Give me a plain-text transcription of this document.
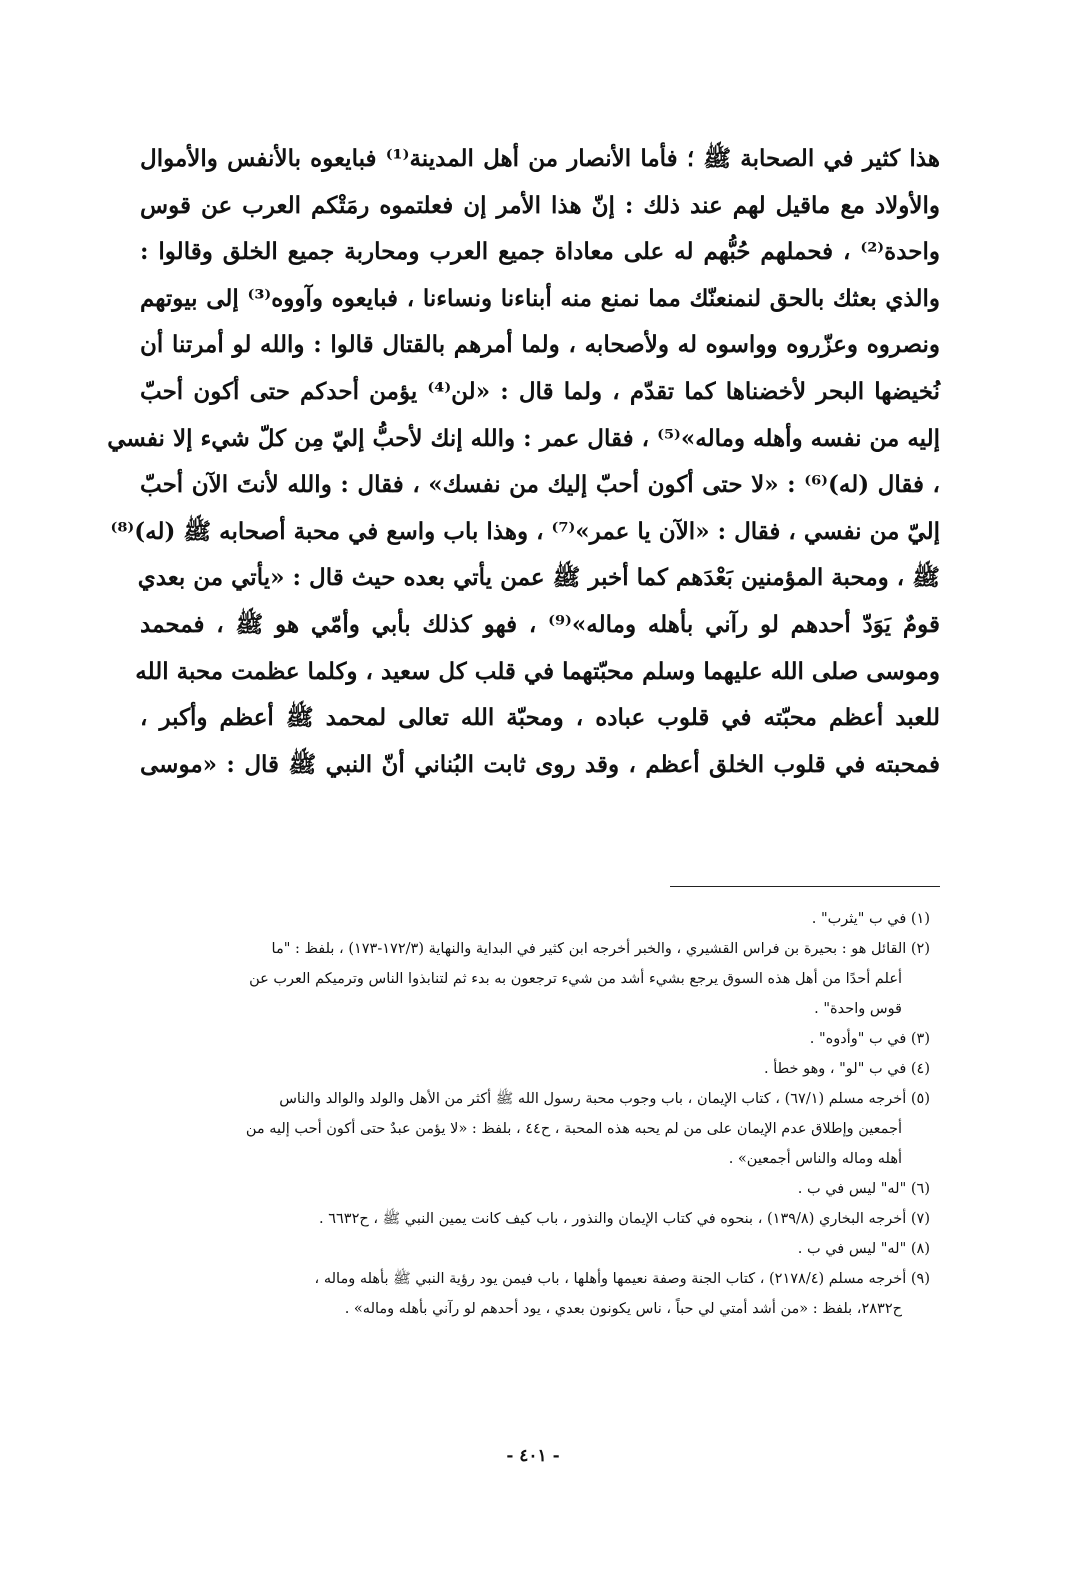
هذا كثير في الصحابة ﷺ ؛ فأما الأنصار من أهل المدينة⁽¹⁾ فبايعوه بالأنفس والأموال
والأولاد مع ماقيل لهم عند ذلك : إنّ هذا الأمر إن فعلتموه رمَتْكم العرب عن قوس
واحدة⁽²⁾ ، فحملهم حُبُّهم له على معاداة جميع العرب ومحاربة جميع الخلق وقالوا :
والذي بعثك بالحق لنمنعنّك مما نمنع منه أبناءنا ونساءنا ، فبايعوه وآووه⁽³⁾ إلى بيوتهم
ونصروه وعزّروه وواسوه له ولأصحابه ، ولما أمرهم بالقتال قالوا : والله لو أمرتنا أن
نُخيضها البحر لأخضناها كما تقدّم ، ولما قال : «لن⁽⁴⁾ يؤمن أحدكم حتى أكون أحبّ
إليه من نفسه وأهله وماله»⁽⁵⁾ ، فقال عمر : والله إنك لأحبُّ إليّ مِن كلّ شيء إلا نفسي
، فقال (له)⁽⁶⁾ : «لا حتى أكون أحبّ إليك من نفسك» ، فقال : والله لأنتَ الآن أحبّ
إليّ من نفسي ، فقال : «الآن يا عمر»⁽⁷⁾ ، وهذا باب واسع في محبة أصحابه ﷺ (له)⁽⁸⁾
ﷺ ، ومحبة المؤمنين بَعْدَهم كما أخبر ﷺ عمن يأتي بعده حيث قال : «يأتي من بعدي
قومٌ يَوَدّ أحدهم لو رآني بأهله وماله»⁽⁹⁾ ، فهو كذلك بأبي وأمّي هو ﷺ ، فمحمد
وموسى صلى الله عليهما وسلم محبّتهما في قلب كل سعيد ، وكلما عظمت محبة الله
للعبد أعظم محبّته في قلوب عباده ، ومحبّة الله تعالى لمحمد ﷺ أعظم وأكبر ،
فمحبته في قلوب الخلق أعظم ، وقد روى ثابت البُناني أنّ النبي ﷺ قال : «موسى
(١) في ب "يثرب" .
(٢) القائل هو : بحيرة بن فراس القشيري ، والخبر أخرجه ابن كثير في البداية والنهاية (١٧٢/٣-١٧٣) ، بلفظ : "ما
أعلم أحدًا من أهل هذه السوق يرجع بشيء أشد من شيء ترجعون به بدء ثم لتنابذوا الناس وترميكم العرب عن
قوس واحدة" .
(٣) في ب "وأدوه" .
(٤) في ب "لو" ، وهو خطأ .
(٥) أخرجه مسلم (٦٧/١) ، كتاب الإيمان ، باب وجوب محبة رسول الله ﷺ أكثر من الأهل والولد والوالد والناس
أجمعين وإطلاق عدم الإيمان على من لم يحبه هذه المحبة ، ح٤٤ ، بلفظ : «لا يؤمن عبدٌ حتى أكون أحب إليه من
أهله وماله والناس أجمعين» .
(٦) "له" ليس في ب .
(٧) أخرجه البخاري (١٣٩/٨) ، بنحوه في كتاب الإيمان والنذور ، باب كيف كانت يمين النبي ﷺ ، ح٦٦٣٢ .
(٨) "له" ليس في ب .
(٩) أخرجه مسلم (٢١٧٨/٤) ، كتاب الجنة وصفة نعيمها وأهلها ، باب فيمن يود رؤية النبي ﷺ بأهله وماله ،
ح٢٨٣٢، بلفظ : «من أشد أمتي لي حباً ، ناس يكونون بعدي ، يود أحدهم لو رآني بأهله وماله» .
- ٤٠١ -
